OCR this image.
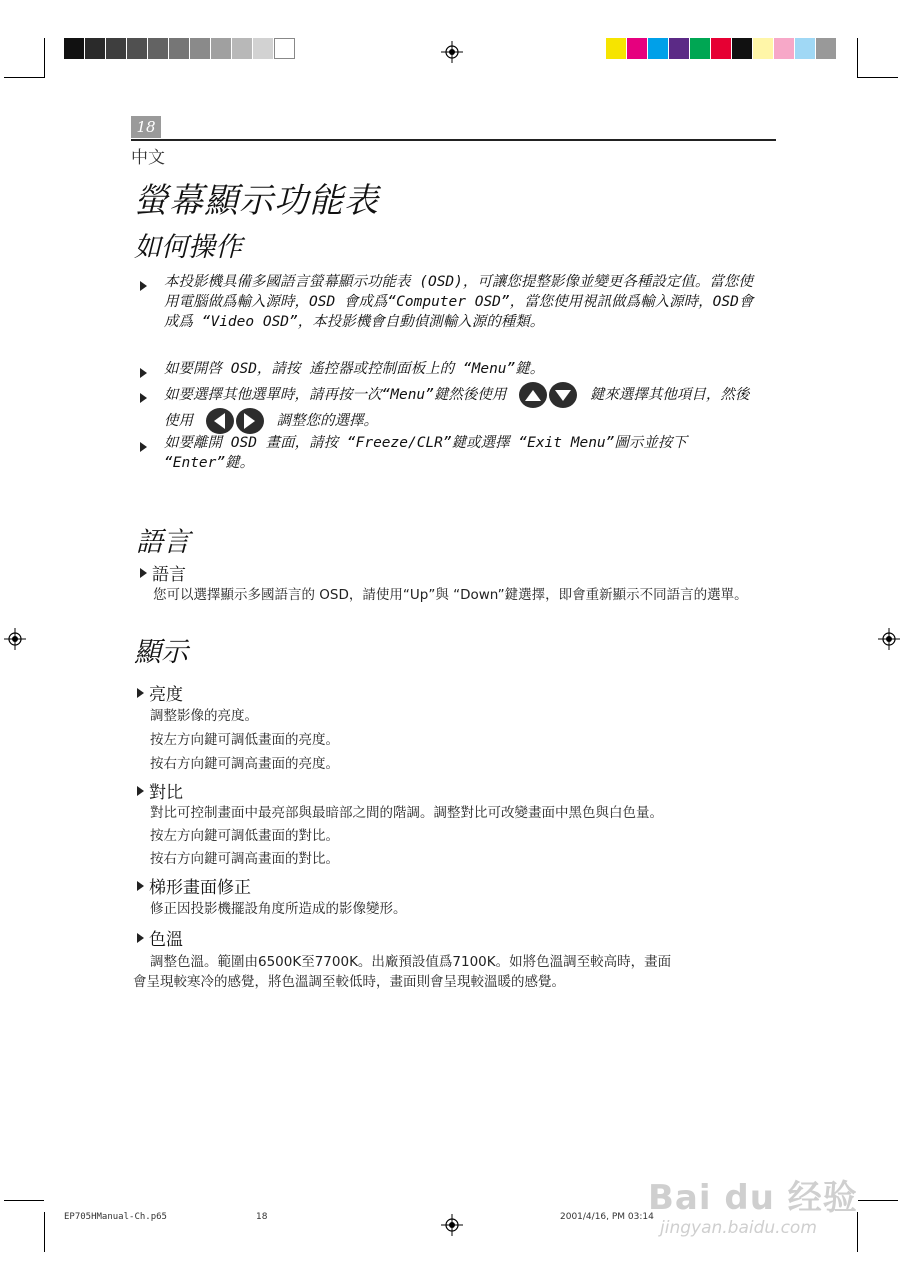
18
中文
螢幕顯示功能表
如何操作
本投影機具備多國語言螢幕顯示功能表 (OSD)，可讓您提整影像並變更各種設定值。當您使用電腦做爲輸入源時，OSD 會成爲“Computer OSD”，當您使用視訊做爲輸入源時，OSD會成爲 “Video OSD”，本投影機會自動偵測輸入源的種類。
如要開啓 OSD，請按 遙控器或控制面板上的 “Menu”鍵。
如要選擇其他選單時，請再按一次“Menu”鍵然後使用	鍵來選擇其他項目，然後使用	調整您的選擇。
如要離開 OSD 畫面，請按 “Freeze/CLR”鍵或選擇 “Exit Menu”圖示並按下 “Enter”鍵。
語言
語言
您可以選擇顯示多國語言的 OSD，請使用“Up”與 “Down”鍵選擇，即會重新顯示不同語言的選單。
顯示
亮度
調整影像的亮度。
按左方向鍵可調低畫面的亮度。
按右方向鍵可調高畫面的亮度。
對比
對比可控制畫面中最亮部與最暗部之間的階調。調整對比可改變畫面中黑色與白色量。
按左方向鍵可調低畫面的對比。
按右方向鍵可調高畫面的對比。
梯形畫面修正
修正因投影機擺設角度所造成的影像變形。
色溫
調整色溫。範圍由6500K至7700K。出廠預設值爲7100K。如將色溫調至較高時，畫面
會呈現較寒冷的感覺，將色溫調至較低時，畫面則會呈現較溫暖的感覺。
EP705HManual-Ch.p65	18	2001/4/16, PM 03:14
Bai du 经验
jingyan.baidu.com
